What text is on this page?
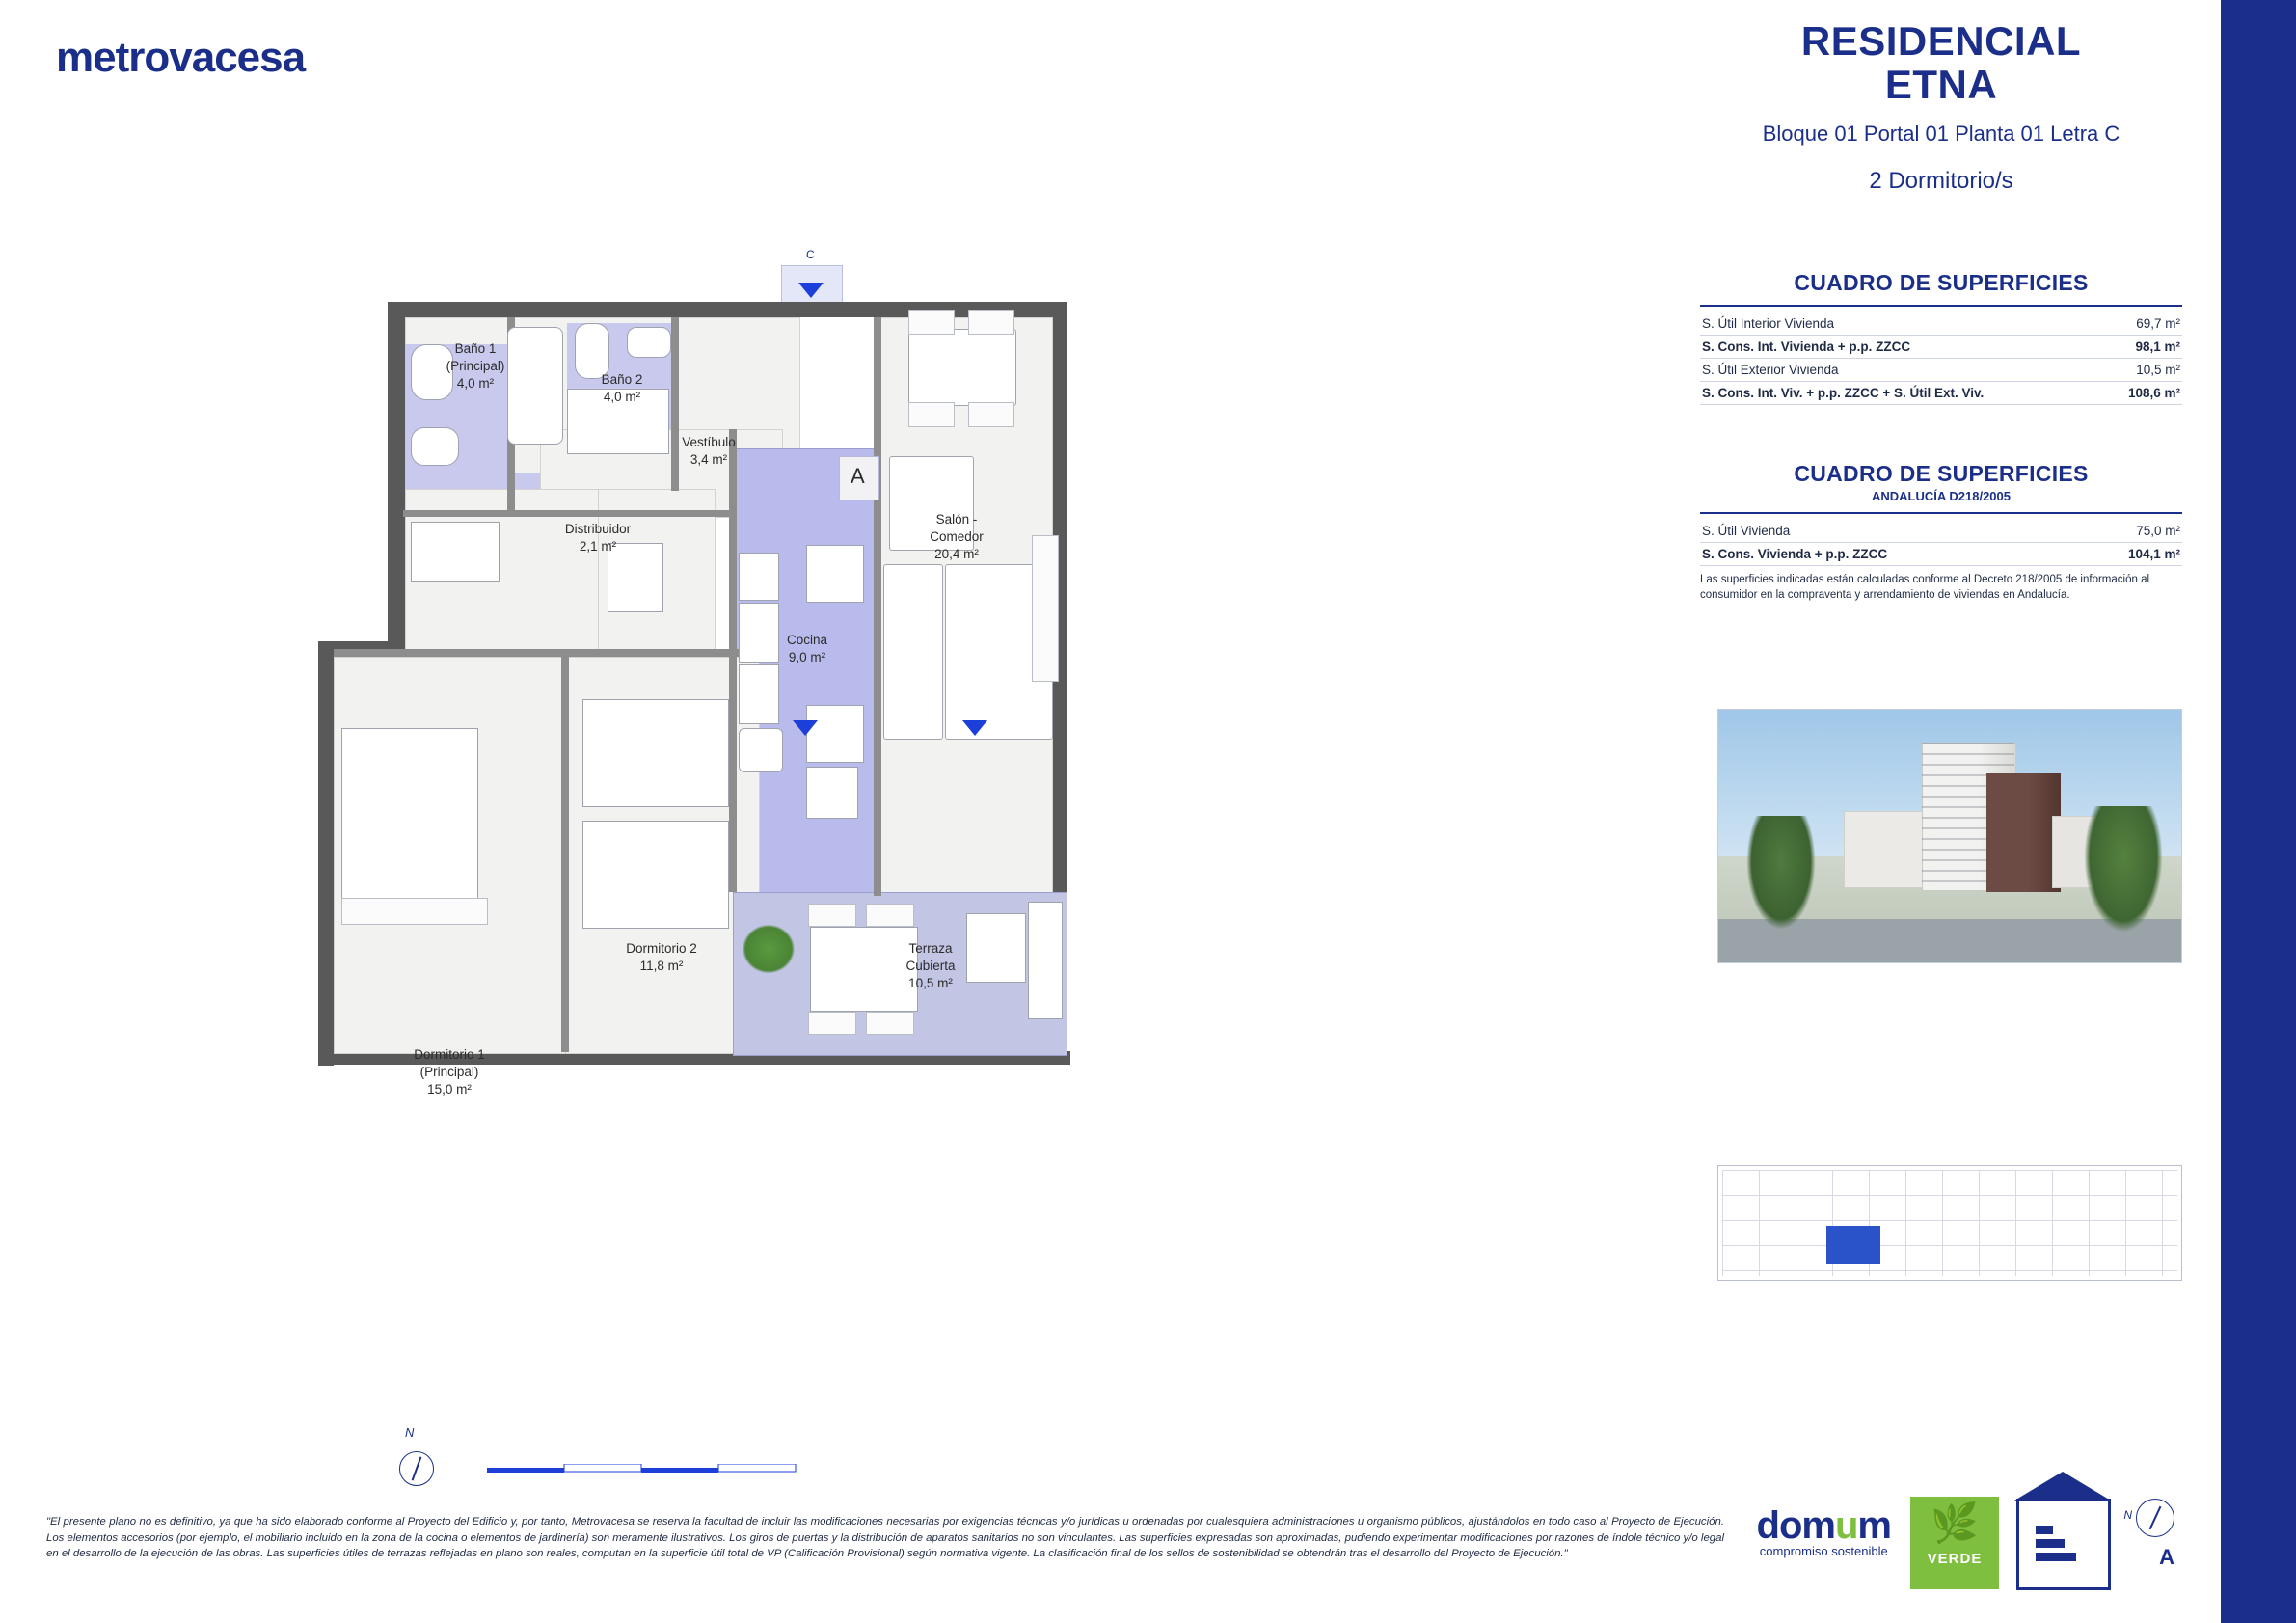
metrovacesa	RESIDENCIAL
ETNA
Bloque 01 Portal 01 Planta 01 Letra C
2 Dormitorio/s
CUADRO DE SUPERFICIES
S. Útil Interior Vivienda	69,7 m²
S. Cons. Int. Vivienda + p.p. ZZCC	98,1 m²
S. Útil Exterior Vivienda	10,5 m²
S. Cons. Int. Viv. + p.p. ZZCC + S. Útil Ext. Viv.	108,6 m²
CUADRO DE SUPERFICIES
ANDALUCÍA D218/2005
S. Útil Vivienda	75,0 m²
S. Cons. Vivienda + p.p. ZZCC	104,1 m²
Las superficies indicadas están calculadas conforme al Decreto 218/2005 de información al consumidor en la compraventa y arrendamiento de viviendas en Andalucía.
C
A
Baño 1
(Principal)
4,0 m²	Baño 2
4,0 m²
Vestíbulo
3,4 m²
Distribuidor
2,1 m²
Salón -
Comedor
20,4 m²
Cocina
9,0 m²
Dormitorio 2
11,8 m²
Dormitorio 1
(Principal)
15,0 m²
Terraza
Cubierta
10,5 m²
N
"El presente plano no es definitivo, ya que ha sido elaborado conforme al Proyecto del Edificio y, por tanto, Metrovacesa se reserva la facultad de incluir las modificaciones necesarias por exigencias técnicas y/o jurídicas u ordenadas por cualesquiera administraciones u organismo públicos, ajustándolos en todo caso al Proyecto de Ejecución. Los elementos accesorios (por ejemplo, el mobiliario incluido en la zona de la cocina o elementos de jardinería) son meramente ilustrativos. Los giros de puertas y la distribución de aparatos sanitarios no son vinculantes. Las superficies expresadas son aproximadas, pudiendo experimentar modificaciones por razones de índole técnico y/o legal en el desarrollo de la ejecución de las obras. Las superficies útiles de terrazas reflejadas en plano son reales, computan en la superficie útil total de VP (Calificación Provisional) según normativa vigente. La clasificación final de los sellos de sostenibilidad se obtendrán tras el desarrollo del Proyecto de Ejecución."
domum
compromiso sostenible
🌿
VERDE	A
N
